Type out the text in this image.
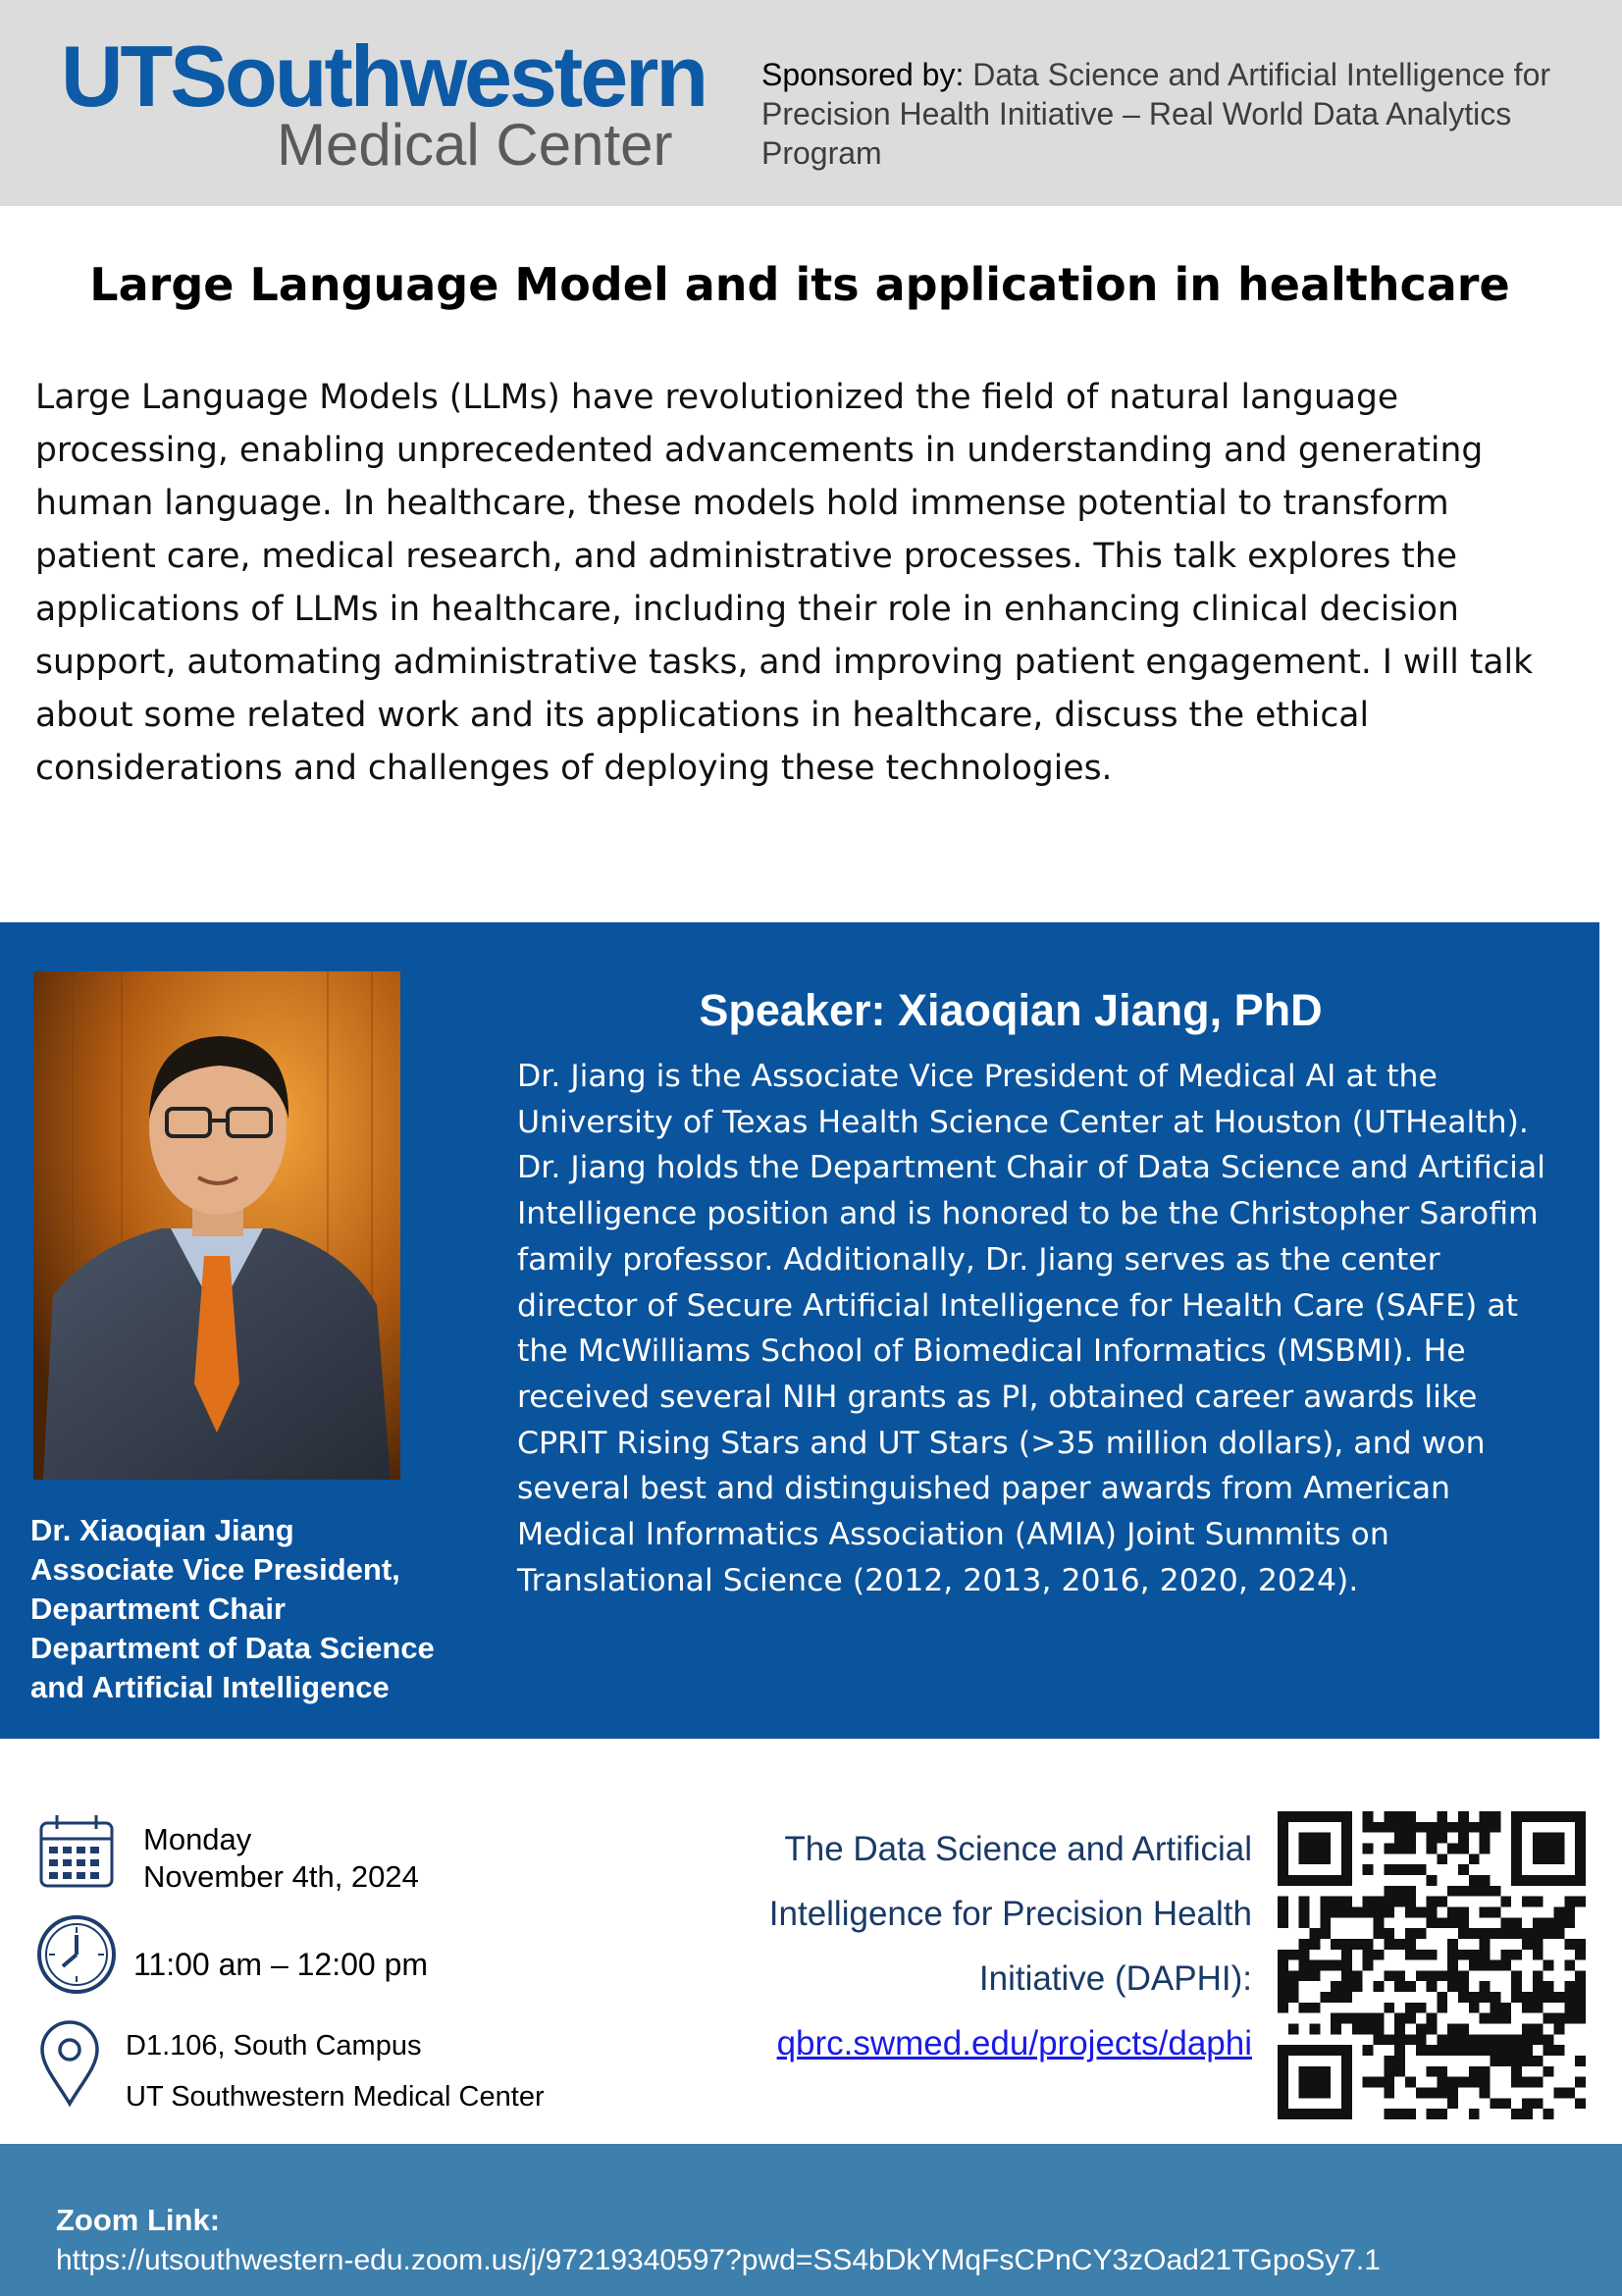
UTSouthwestern
Medical Center
Sponsored by: Data Science and Artificial Intelligence for Precision Health Initiative – Real World Data Analytics Program
Large Language Model and its application in healthcare
Large Language Models (LLMs) have revolutionized the field of natural language processing, enabling unprecedented advancements in understanding and generating human language. In healthcare, these models hold immense potential to transform patient care, medical research, and administrative processes. This talk explores the applications of LLMs in healthcare, including their role in enhancing clinical decision support, automating administrative tasks, and improving patient engagement. I will talk about some related work and its applications in healthcare, discuss the ethical considerations and challenges of deploying these technologies.
Dr. Xiaoqian Jiang
Associate Vice President,
Department Chair
Department of Data Science
and Artificial Intelligence
Speaker: Xiaoqian Jiang, PhD
Dr. Jiang is the Associate Vice President of Medical AI at the University of Texas Health Science Center at Houston (UTHealth). Dr. Jiang holds the Department Chair of Data Science and Artificial Intelligence position and is honored to be the Christopher Sarofim family professor. Additionally, Dr. Jiang serves as the center director of Secure Artificial Intelligence for Health Care (SAFE) at the McWilliams School of Biomedical Informatics (MSBMI). He received several NIH grants as PI, obtained career awards like CPRIT Rising Stars and UT Stars (>35 million dollars), and won several best and distinguished paper awards from American Medical Informatics Association (AMIA) Joint Summits on Translational Science (2012, 2013, 2016, 2020, 2024).
Monday
November 4th, 2024
11:00 am – 12:00 pm
D1.106, South Campus
UT Southwestern Medical Center
The Data Science and Artificial
Intelligence for Precision Health
Initiative (DAPHI):
qbrc.swmed.edu/projects/daphi
Zoom Link:
https://utsouthwestern-edu.zoom.us/j/97219340597?pwd=SS4bDkYMqFsCPnCY3zOad21TGpoSy7.1
